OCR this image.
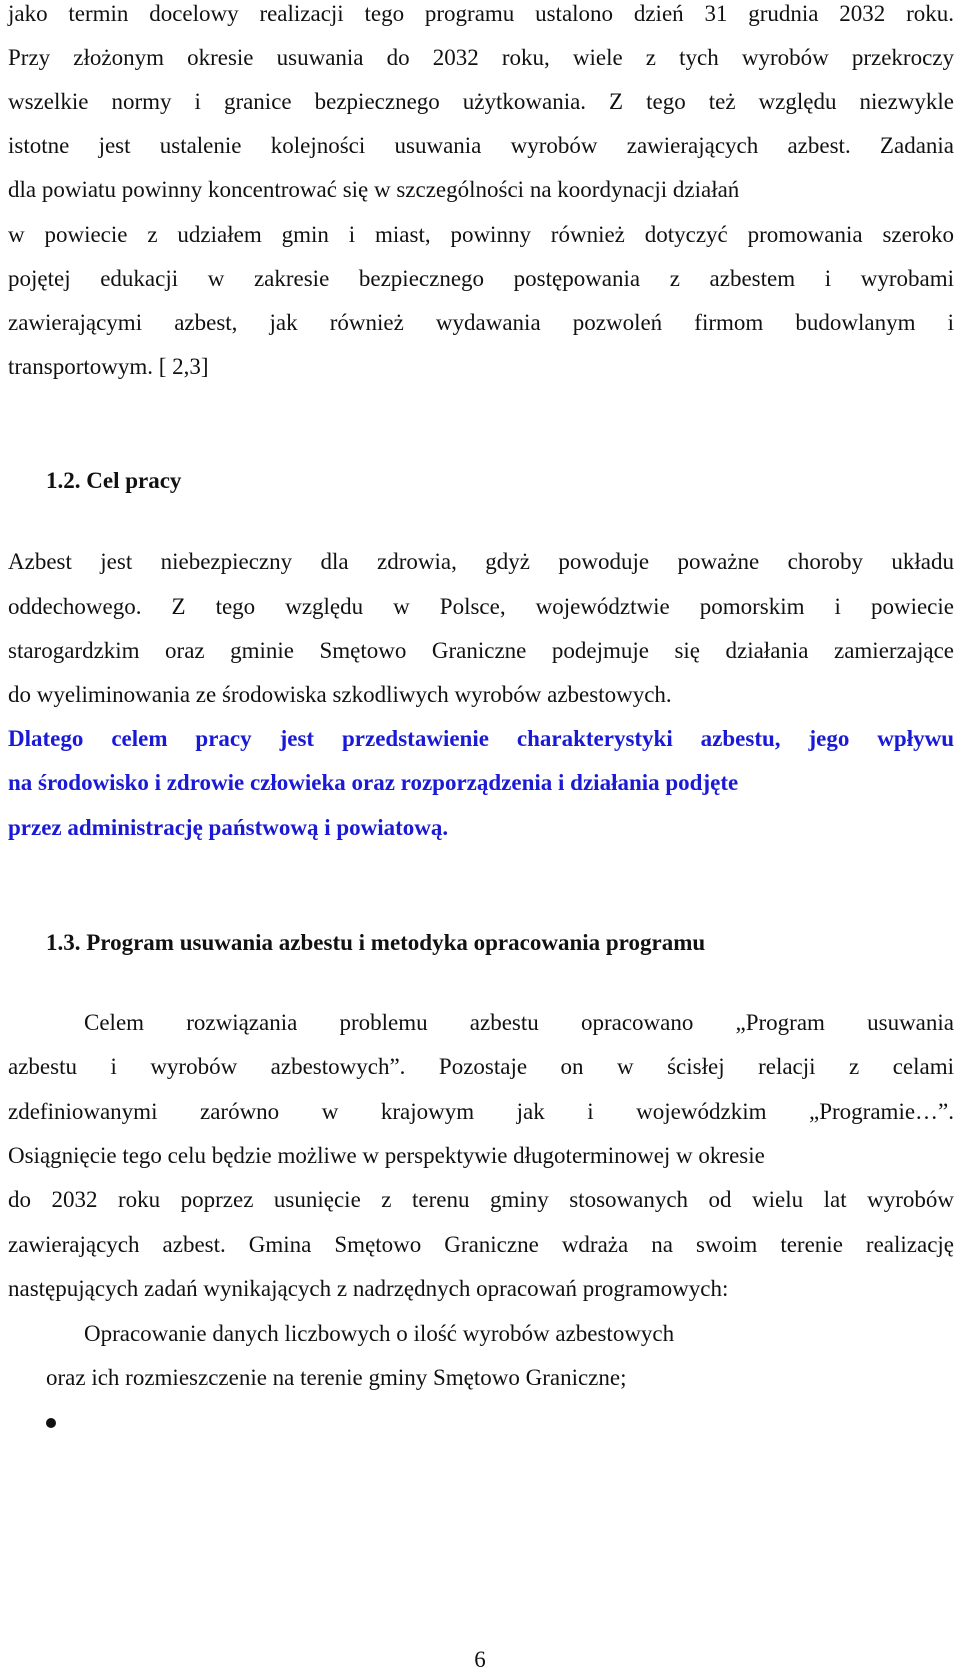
jako termin docelowy realizacji tego programu ustalono dzień 31 grudnia 2032 roku.
Przy złożonym okresie usuwania do 2032 roku, wiele z tych wyrobów przekroczy
wszelkie normy i granice bezpiecznego użytkowania. Z tego też względu niezwykle
istotne jest ustalenie kolejności usuwania wyrobów zawierających azbest. Zadania
dla powiatu powinny koncentrować się w szczególności na koordynacji działań
w powiecie z udziałem gmin i miast, powinny również dotyczyć promowania szeroko
pojętej edukacji w zakresie bezpiecznego postępowania z azbestem i wyrobami
zawierającymi azbest, jak również wydawania pozwoleń firmom budowlanym i
transportowym. [ 2,3]
1.2. Cel pracy
Azbest jest niebezpieczny dla zdrowia, gdyż powoduje poważne choroby układu
oddechowego. Z tego względu w Polsce, województwie pomorskim i powiecie
starogardzkim oraz gminie Smętowo Graniczne podejmuje się działania zamierzające
do wyeliminowania ze środowiska szkodliwych wyrobów azbestowych.
Dlatego celem pracy jest przedstawienie charakterystyki azbestu, jego wpływu
na środowisko i zdrowie człowieka oraz rozporządzenia i działania podjęte
przez administrację państwową i powiatową.
1.3. Program usuwania azbestu i metodyka opracowania programu
Celem rozwiązania problemu azbestu opracowano „Program usuwania
azbestu i wyrobów azbestowych”. Pozostaje on w ścisłej relacji z celami
zdefiniowanymi zarówno w krajowym jak i wojewódzkim „Programie…”.
Osiągnięcie tego celu będzie możliwe w perspektywie długoterminowej w okresie
do 2032 roku poprzez usunięcie z terenu gminy stosowanych od wielu lat wyrobów
zawierających azbest. Gmina Smętowo Graniczne wdraża na swoim terenie realizację
następujących zadań wynikających z nadrzędnych opracowań programowych:
Opracowanie danych liczbowych o ilość wyrobów azbestowych
oraz ich rozmieszczenie na terenie gminy Smętowo Graniczne;
6
